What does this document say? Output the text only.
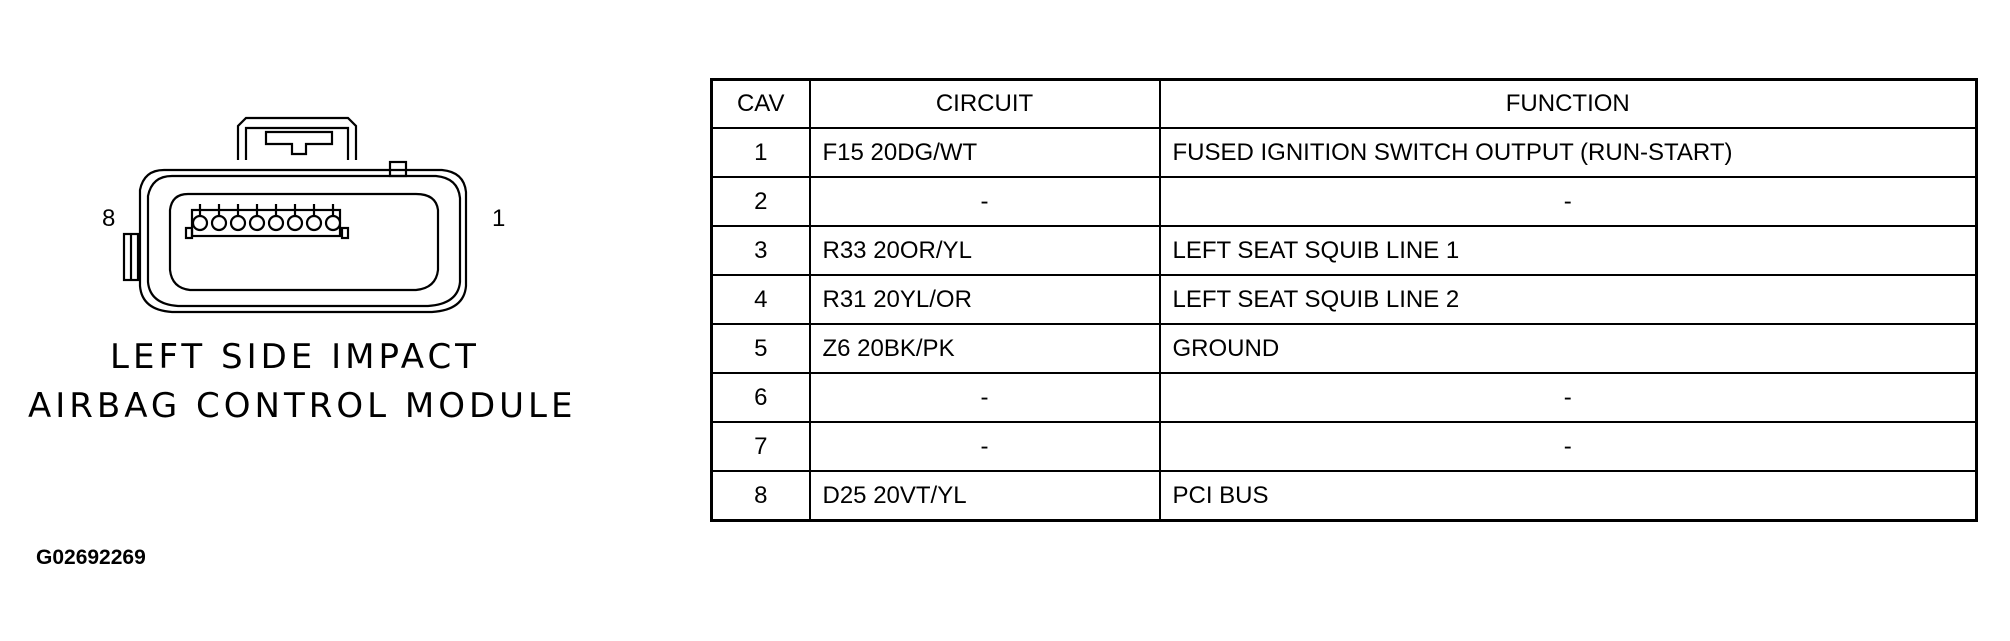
8	1
LEFT SIDE IMPACT
AIRBAG CONTROL MODULE
G02692269
CAV	CIRCUIT	FUNCTION
1	F15 20DG/WT	FUSED IGNITION SWITCH OUTPUT (RUN-START)
2	-	-
3	R33 20OR/YL	LEFT SEAT SQUIB LINE 1
4	R31 20YL/OR	LEFT SEAT SQUIB LINE 2
5	Z6 20BK/PK	GROUND
6	-	-
7	-	-
8	D25 20VT/YL	PCI BUS
